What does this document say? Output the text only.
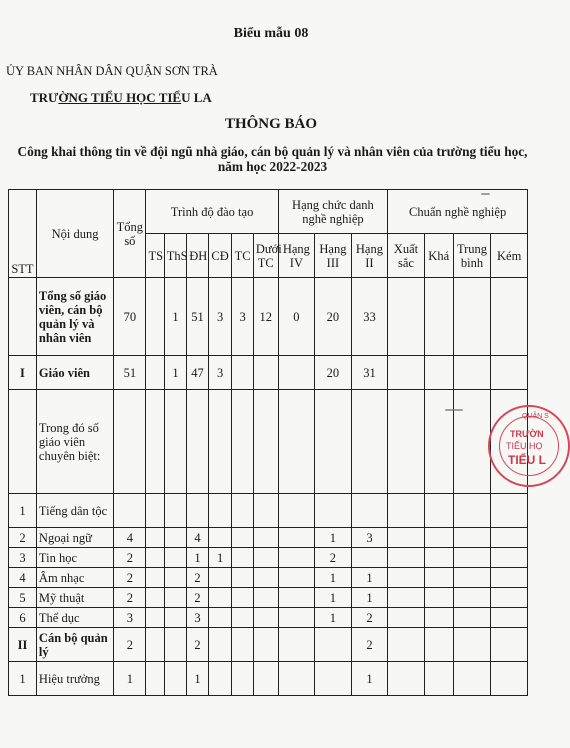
Biểu mẫu 08
ỦY BAN NHÂN DÂN QUẬN SƠN TRÀ
TRƯỜNG TIỂU HỌC TIỂU LA
THÔNG BÁO
Công khai thông tin về đội ngũ nhà giáo, cán bộ quản lý và nhân viên của trường tiểu học, năm học 2022-2023
STT	Nội dung	Tổng số	Trình độ đào tạo						Hạng chức danh nghề nghiệp			Chuẩn nghề nghiệp			
			TS	ThS	ĐH	CĐ	TC	Dưới TC	Hạng IV	Hạng III	Hạng II	Xuất sắc	Khá	Trung bình	Kém
	Tổng số giáo viên, cán bộ quản lý và nhân viên	70		1	51	3	3	12	0	20	33				
I	Giáo viên	51		1	47	3				20	31				
	Trong đó số giáo viên chuyên biệt:														
1	Tiếng dân tộc														
2	Ngoại ngữ	4			4					1	3				
3	Tin học	2			1	1				2					
4	Âm nhạc	2			2					1	1				
5	Mỹ thuật	2			2					1	1				
6	Thể dục	3			3					1	2				
II	Cán bộ quản lý	2			2						2				
1	Hiệu trưởng	1			1						1				
QUẬN S
TRƯỜN
TIỂU HỌ
TIỂU L
